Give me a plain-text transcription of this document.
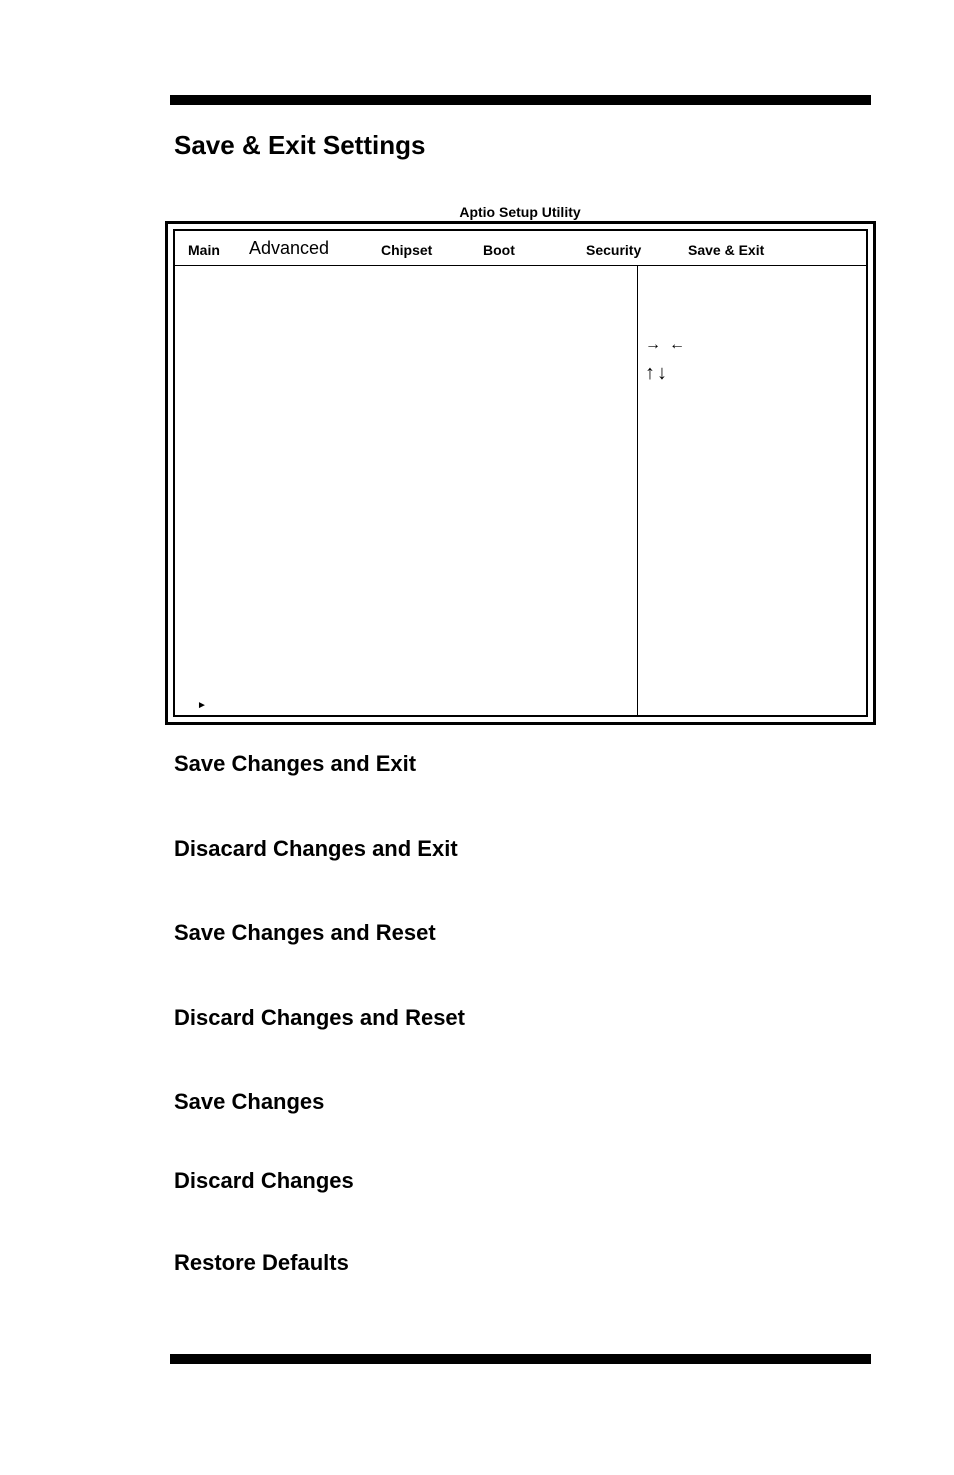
Save & Exit Settings
Aptio Setup Utility
Main Advanced	Chipset	Boot	Security	Save & Exit
→ ←
↑ ↓
►
Save Changes and Exit
Disacard Changes and Exit
Save Changes and Reset
Discard Changes and Reset
Save Changes
Discard Changes
Restore Defaults
